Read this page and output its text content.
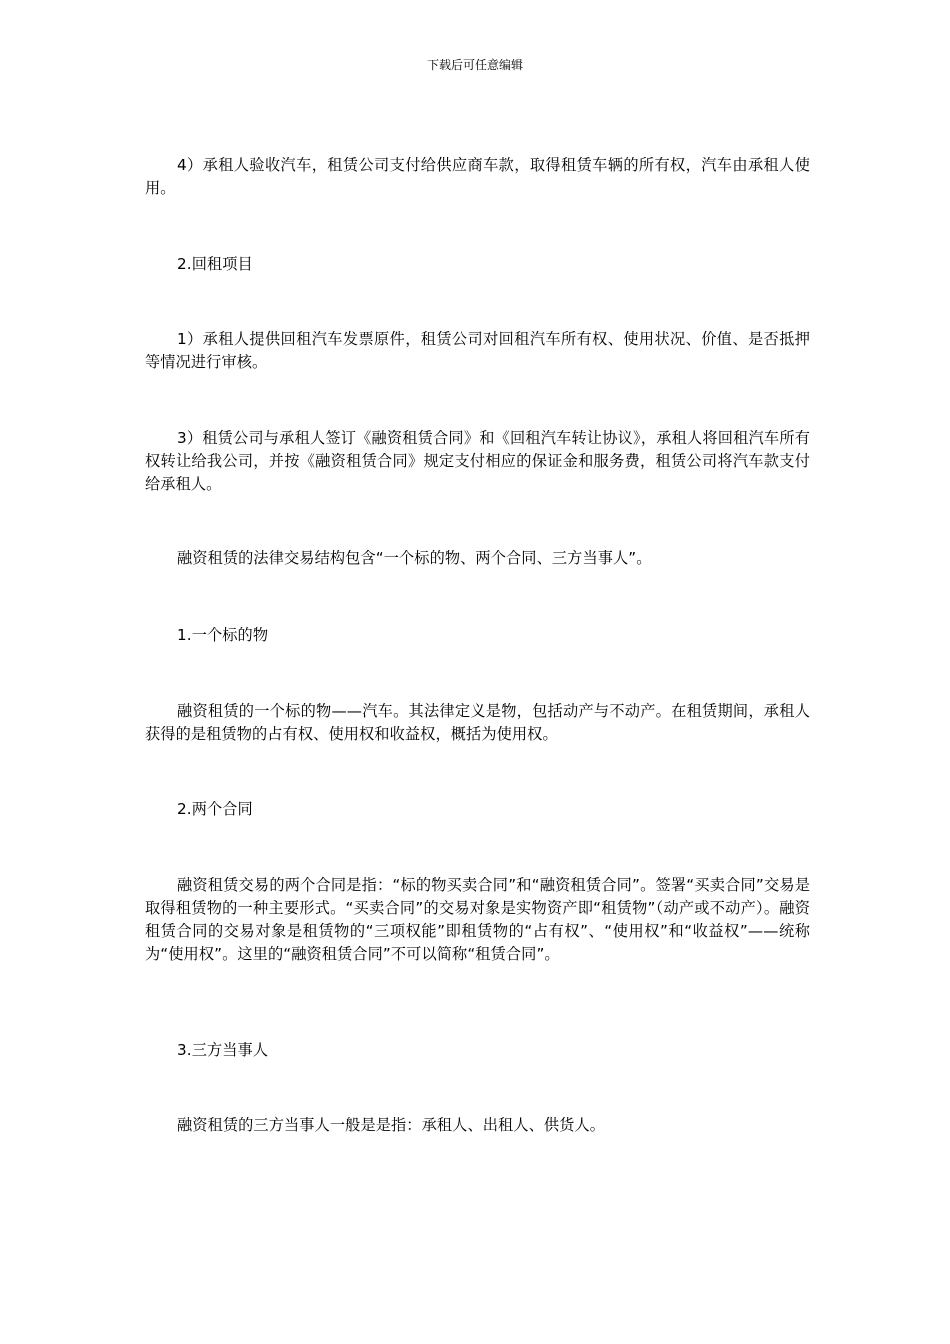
下载后可任意编辑

4）承租人验收汽车，租赁公司支付给供应商车款，取得租赁车辆的所有权，汽车由承租人使用。

2.回租项目

1）承租人提供回租汽车发票原件，租赁公司对回租汽车所有权、使用状况、价值、是否抵押等情况进行审核。

3）租赁公司与承租人签订《融资租赁合同》和《回租汽车转让协议》，承租人将回租汽车所有权转让给我公司，并按《融资租赁合同》规定支付相应的保证金和服务费，租赁公司将汽车款支付给承租人。

融资租赁的法律交易结构包含“一个标的物、两个合同、三方当事人”。

1.一个标的物

融资租赁的一个标的物——汽车。其法律定义是物，包括动产与不动产。在租赁期间，承租人获得的是租赁物的占有权、使用权和收益权，概括为使用权。

2.两个合同

融资租赁交易的两个合同是指：“标的物买卖合同”和“融资租赁合同”。签署“买卖合同”交易是取得租赁物的一种主要形式。“买卖合同”的交易对象是实物资产即“租赁物”（动产或不动产）。融资租赁合同的交易对象是租赁物的“三项权能”即租赁物的“占有权”、“使用权”和“收益权”——统称为“使用权”。这里的“融资租赁合同”不可以简称“租赁合同”。

3.三方当事人

融资租赁的三方当事人一般是是指：承租人、出租人、供货人。
